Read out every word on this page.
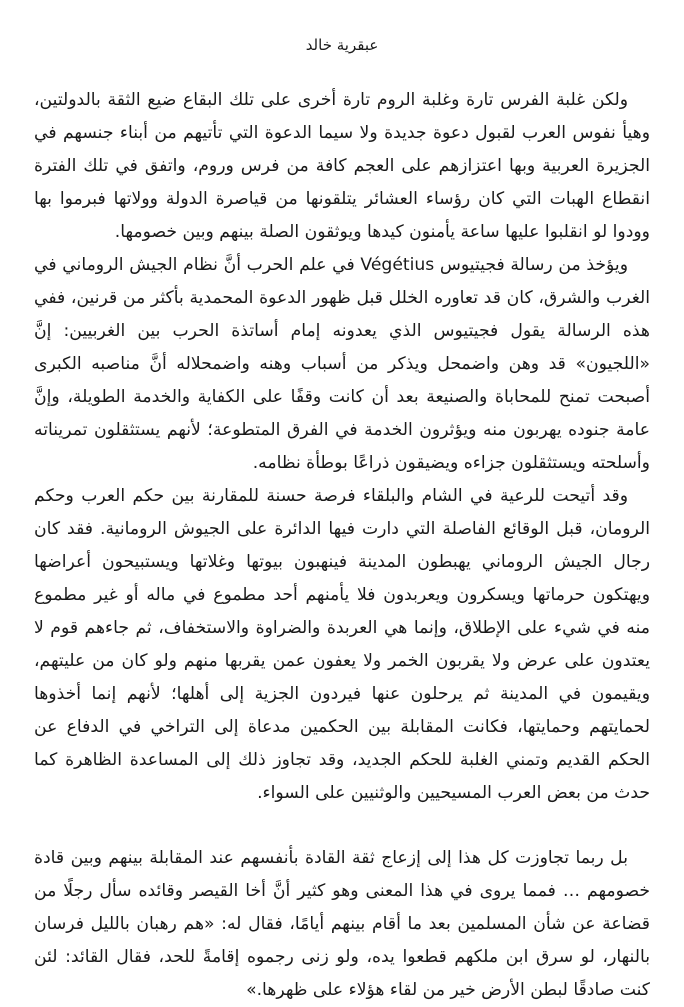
عبقرية خالد

ولكن غلبة الفرس تارة وغلبة الروم تارة أخرى على تلك البقاع ضيع الثقة بالدولتين، وهيأ نفوس العرب لقبول دعوة جديدة ولا سيما الدعوة التي تأتيهم من أبناء جنسهم في الجزيرة العربية وبها اعتزازهم على العجم كافة من فرس وروم، واتفق في تلك الفترة انقطاع الهبات التي كان رؤساء العشائر يتلقونها من قياصرة الدولة وولاتها فبرموا بها وودوا لو انقلبوا عليها ساعة يأمنون كيدها ويوثقون الصلة بينهم وبين خصومها.

ويؤخذ من رسالة فجيتيوس Végétius في علم الحرب أنَّ نظام الجيش الروماني في الغرب والشرق، كان قد تعاوره الخلل قبل ظهور الدعوة المحمدية بأكثر من قرنين، ففي هذه الرسالة يقول فجيتيوس الذي يعدونه إمام أساتذة الحرب بين الغربيين: إنَّ «اللجيون» قد وهن واضمحل ويذكر من أسباب وهنه واضمحلاله أنَّ مناصبه الكبرى أصبحت تمنح للمحاباة والصنيعة بعد أن كانت وقفًا على الكفاية والخدمة الطويلة، وإنَّ عامة جنوده يهربون منه ويؤثرون الخدمة في الفرق المتطوعة؛ لأنهم يستثقلون تمريناته وأسلحته ويستثقلون جزاءه ويضيقون ذراعًا بوطأة نظامه.

وقد أتيحت للرعية في الشام والبلقاء فرصة حسنة للمقارنة بين حكم العرب وحكم الرومان، قبل الوقائع الفاصلة التي دارت فيها الدائرة على الجيوش الرومانية. فقد كان رجال الجيش الروماني يهبطون المدينة فينهبون بيوتها وغلاتها ويستبيحون أعراضها ويهتكون حرماتها ويسكرون ويعربدون فلا يأمنهم أحد مطموع في ماله أو غير مطموع منه في شيء على الإطلاق، وإنما هي العربدة والضراوة والاستخفاف، ثم جاءهم قوم لا يعتدون على عرض ولا يقربون الخمر ولا يعفون عمن يقربها منهم ولو كان من عليتهم، ويقيمون في المدينة ثم يرحلون عنها فيردون الجزية إلى أهلها؛ لأنهم إنما أخذوها لحمايتهم وحمايتها، فكانت المقابلة بين الحكمين مدعاة إلى التراخي في الدفاع عن الحكم القديم وتمني الغلبة للحكم الجديد، وقد تجاوز ذلك إلى المساعدة الظاهرة كما حدث من بعض العرب المسيحيين والوثنيين على السواء.

بل ربما تجاوزت كل هذا إلى إزعاج ثقة القادة بأنفسهم عند المقابلة بينهم وبين قادة خصومهم … فمما يروى في هذا المعنى وهو كثير أنَّ أخا القيصر وقائده سأل رجلًا من قضاعة عن شأن المسلمين بعد ما أقام بينهم أيامًا، فقال له: «هم رهبان بالليل فرسان بالنهار، لو سرق ابن ملكهم قطعوا يده، ولو زنى رجموه إقامةً للحد، فقال القائد: لئن كنت صادقًا لبطن الأرض خير من لقاء هؤلاء على ظهرها.»
